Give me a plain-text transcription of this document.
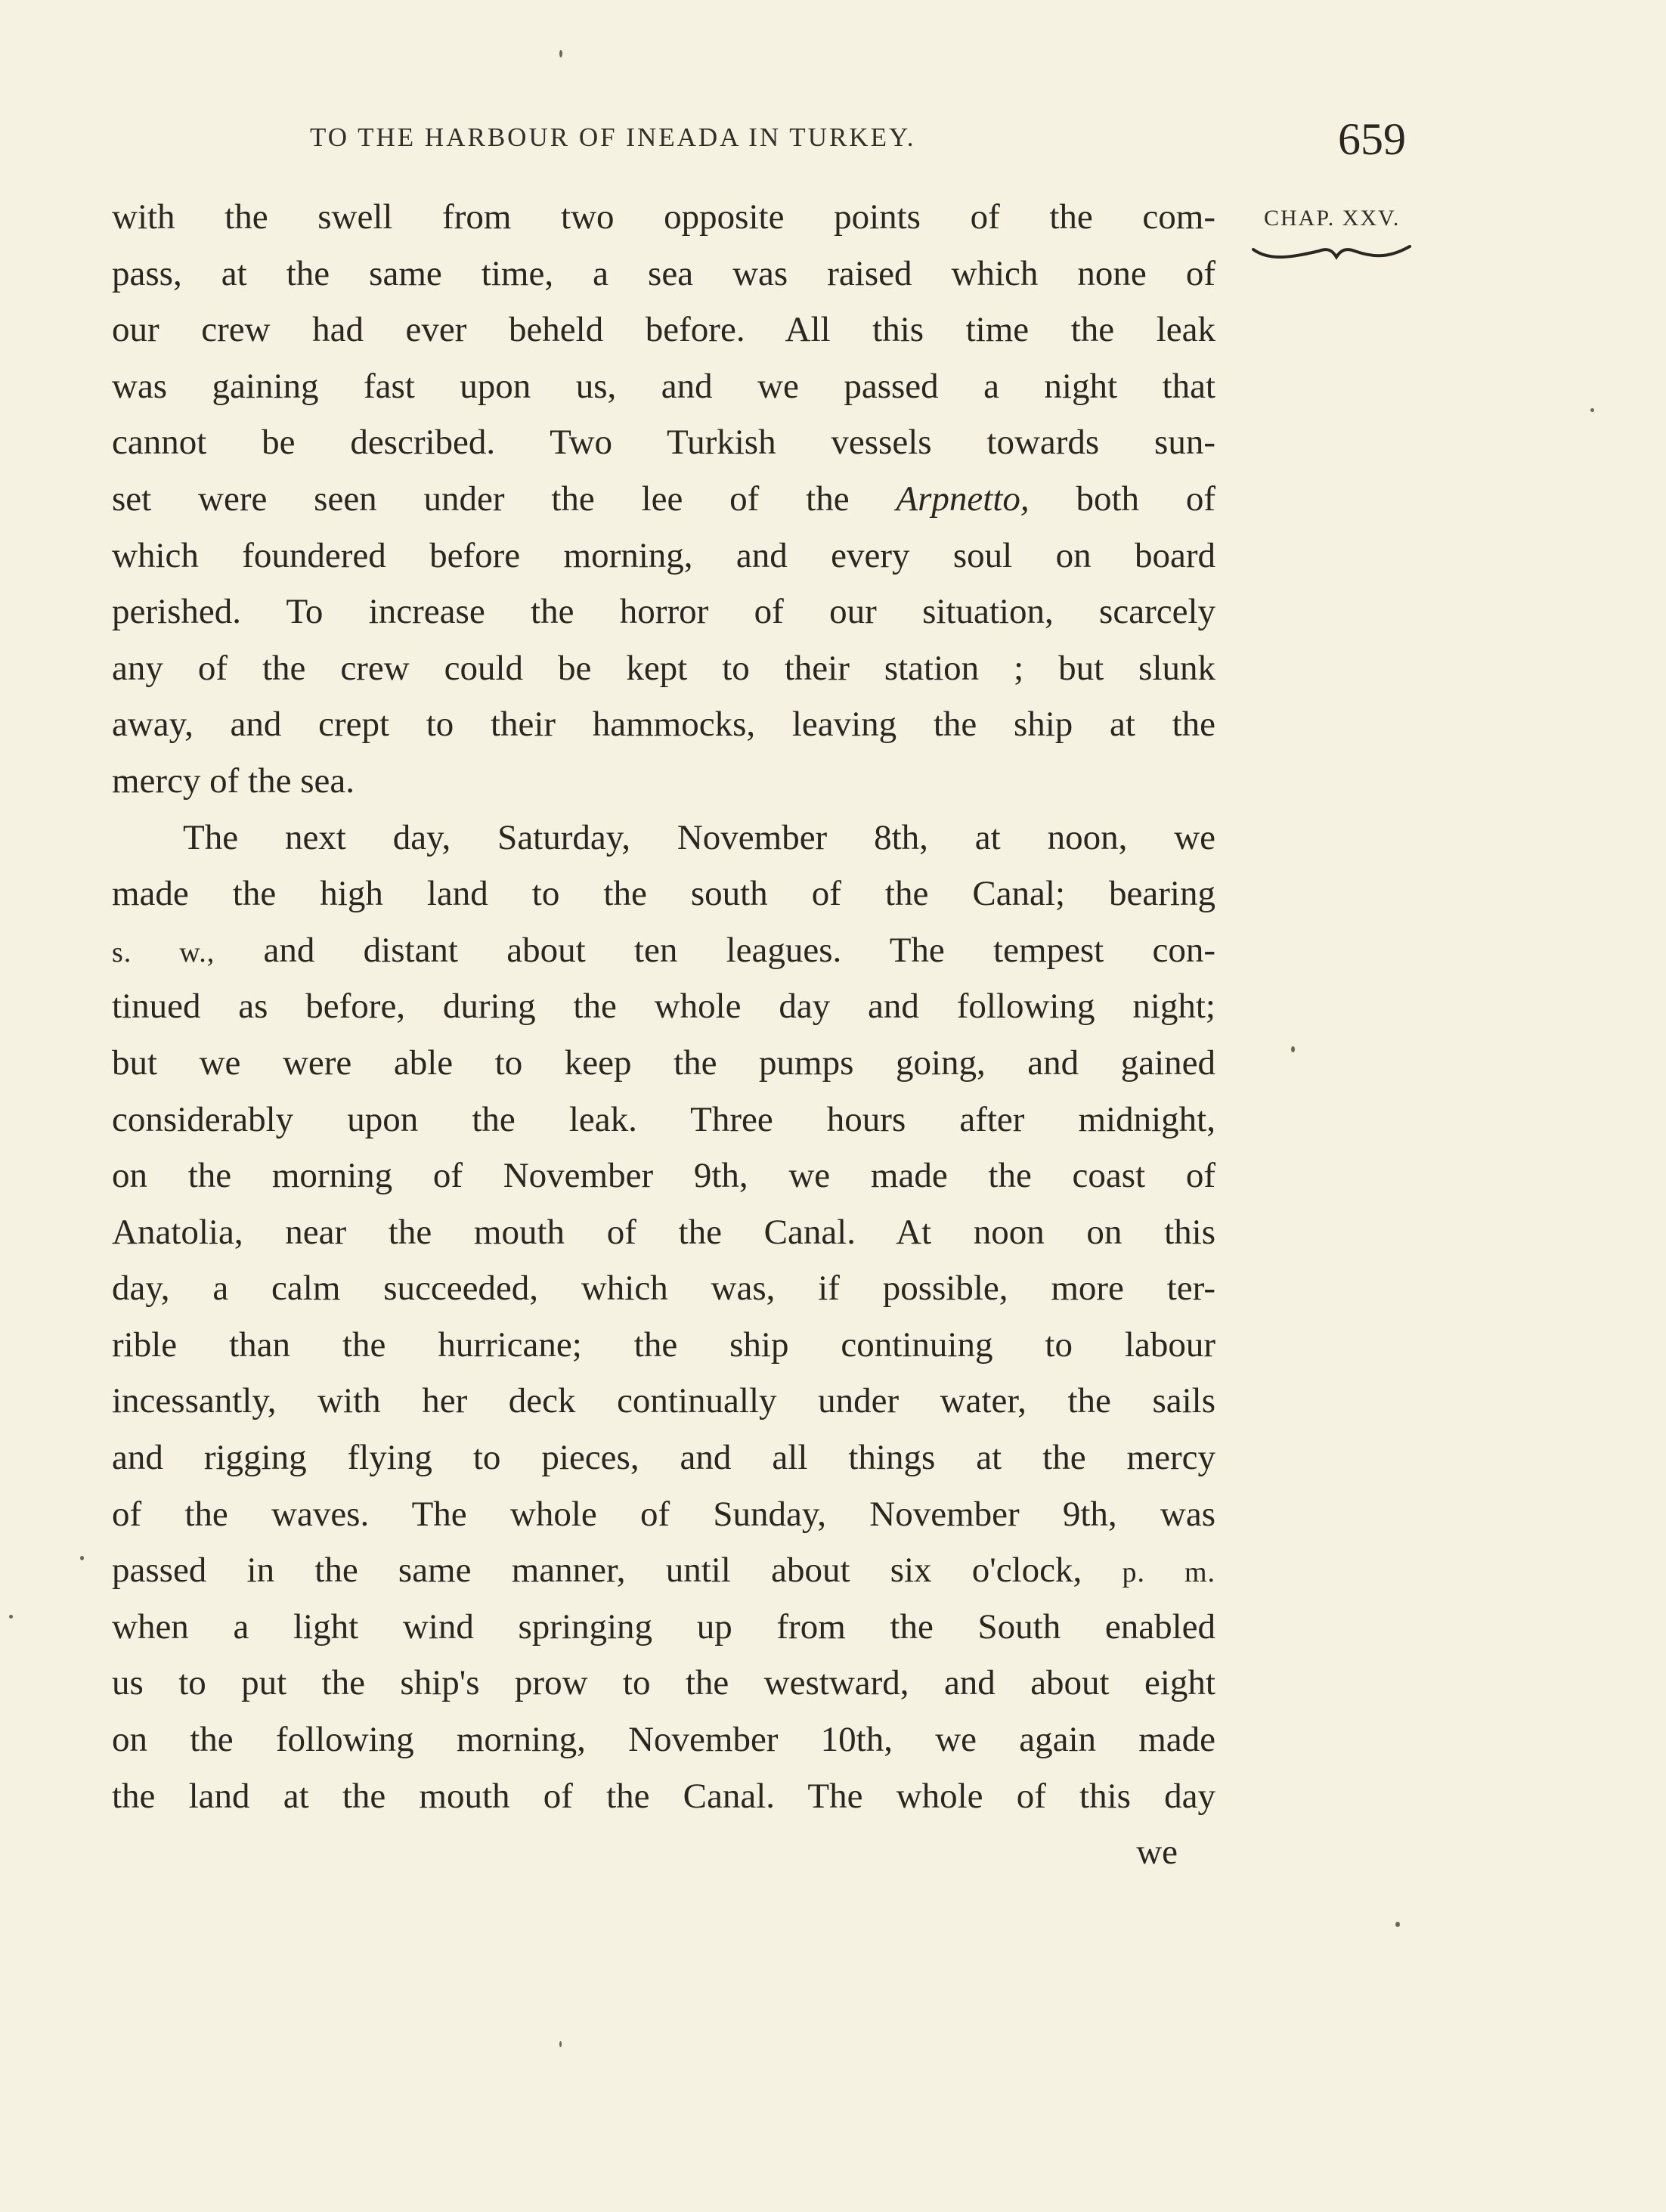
TO THE HARBOUR OF INEADA IN TURKEY.	659
CHAP. XXV.
with the swell from two opposite points of the com-
pass, at the same time, a sea was raised which none of
our crew had ever beheld before. All this time the leak
was gaining fast upon us, and we passed a night that
cannot be described. Two Turkish vessels towards sun-
set were seen under the lee of the Arpnetto, both of
which foundered before morning, and every soul on board
perished. To increase the horror of our situation, scarcely
any of the crew could be kept to their station ; but slunk
away, and crept to their hammocks, leaving the ship at the
mercy of the sea.
The next day, Saturday, November 8th, at noon, we
made the high land to the south of the Canal; bearing
s. w., and distant about ten leagues. The tempest con-
tinued as before, during the whole day and following night;
but we were able to keep the pumps going, and gained
considerably upon the leak. Three hours after midnight,
on the morning of November 9th, we made the coast of
Anatolia, near the mouth of the Canal. At noon on this
day, a calm succeeded, which was, if possible, more ter-
rible than the hurricane; the ship continuing to labour
incessantly, with her deck continually under water, the sails
and rigging flying to pieces, and all things at the mercy
of the waves. The whole of Sunday, November 9th, was
passed in the same manner, until about six o'clock, p. m.
when a light wind springing up from the South enabled
us to put the ship's prow to the westward, and about eight
on the following morning, November 10th, we again made
the land at the mouth of the Canal. The whole of this day
we
